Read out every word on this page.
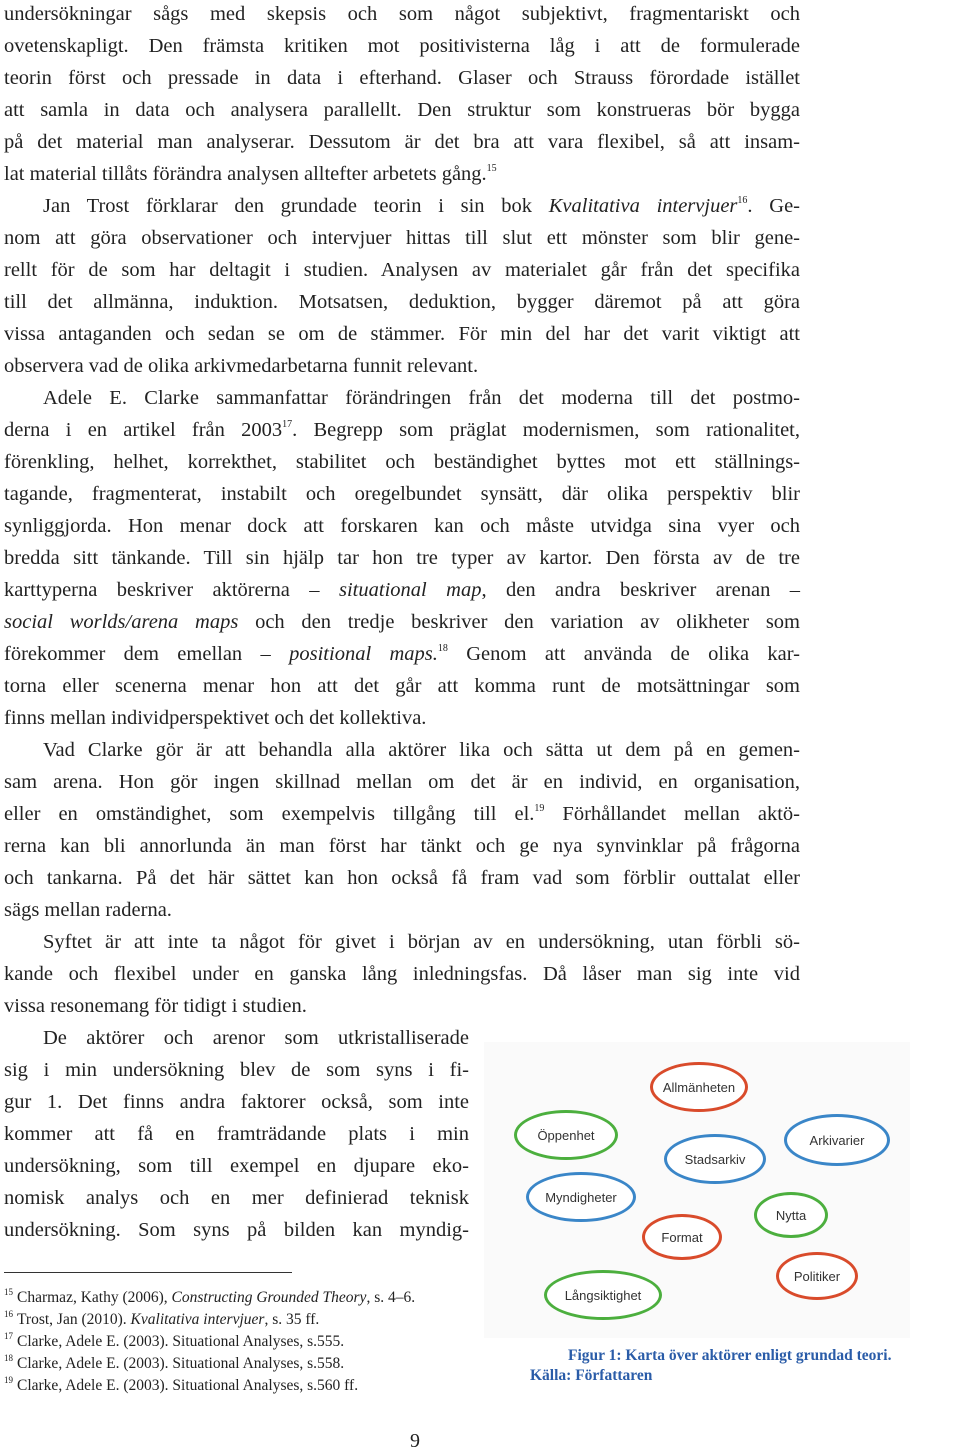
undersökningar sågs med skepsis och som något subjektivt, fragmentariskt och
ovetenskapligt. Den främsta kritiken mot positivisterna låg i att de formulerade
teorin först och pressade in data i efterhand. Glaser och Strauss förordade istället
att samla in data och analysera parallellt. Den struktur som konstrueras bör bygga
på det material man analyserar. Dessutom är det bra att vara flexibel, så att insam-
lat material tillåts förändra analysen alltefter arbetets gång.$^{15}$
Jan Trost förklarar den grundade teorin i sin bok Kvalitativa intervjuer$^{16}$. Ge-
nom att göra observationer och intervjuer hittas till slut ett mönster som blir gene-
rellt för de som har deltagit i studien. Analysen av materialet går från det specifika
till det allmänna, induktion. Motsatsen, deduktion, bygger däremot på att göra
vissa antaganden och sedan se om de stämmer. För min del har det varit viktigt att
observera vad de olika arkivmedarbetarna funnit relevant.
Adele E. Clarke sammanfattar förändringen från det moderna till det postmo-
derna i en artikel från 2003$^{17}$. Begrepp som präglat modernismen, som rationalitet,
förenkling, helhet, korrekthet, stabilitet och beständighet byttes mot ett ställnings-
tagande, fragmenterat, instabilt och oregelbundet synsätt, där olika perspektiv blir
synliggjorda. Hon menar dock att forskaren kan och måste utvidga sina vyer och
bredda sitt tänkande. Till sin hjälp tar hon tre typer av kartor. Den första av de tre
karttyperna beskriver aktörerna – situational map, den andra beskriver arenan –
social worlds/arena maps och den tredje beskriver den variation av olikheter som
förekommer dem emellan – positional maps.$^{18}$ Genom att använda de olika kar-
torna eller scenerna menar hon att det går att komma runt de motsättningar som
finns mellan individperspektivet och det kollektiva.
Vad Clarke gör är att behandla alla aktörer lika och sätta ut dem på en gemen-
sam arena. Hon gör ingen skillnad mellan om det är en individ, en organisation,
eller en omständighet, som exempelvis tillgång till el.$^{19}$ Förhållandet mellan aktö-
rerna kan bli annorlunda än man först har tänkt och ge nya synvinklar på frågorna
och tankarna. På det här sättet kan hon också få fram vad som förblir outtalat eller
sägs mellan raderna.
Syftet är att inte ta något för givet i början av en undersökning, utan förbli sö-
kande och flexibel under en ganska lång inledningsfas. Då låser man sig inte vid
vissa resonemang för tidigt i studien.
De aktörer och arenor som utkristalliserade
sig i min undersökning blev de som syns i fi-
gur 1. Det finns andra faktorer också, som inte
kommer att få en framträdande plats i min
undersökning, som till exempel en djupare eko-
nomisk analys och en mer definierad teknisk
undersökning. Som syns på bilden kan myndig-
Allmänheten
Öppenhet	Arkivarier
Stadsarkiv
Myndigheter
Nytta
Format
Politiker
Långsiktighet
Figur 1: Karta över aktörer enligt grundad teori.
Källa: Författaren
$^{15}$ Charmaz, Kathy (2006), Constructing Grounded Theory, s. 4–6.
$^{16}$ Trost, Jan (2010). Kvalitativa intervjuer, s. 35 ff.
$^{17}$ Clarke, Adele E. (2003). Situational Analyses, s.555.
$^{18}$ Clarke, Adele E. (2003). Situational Analyses, s.558.
$^{19}$ Clarke, Adele E. (2003). Situational Analyses, s.560 ff.
9
